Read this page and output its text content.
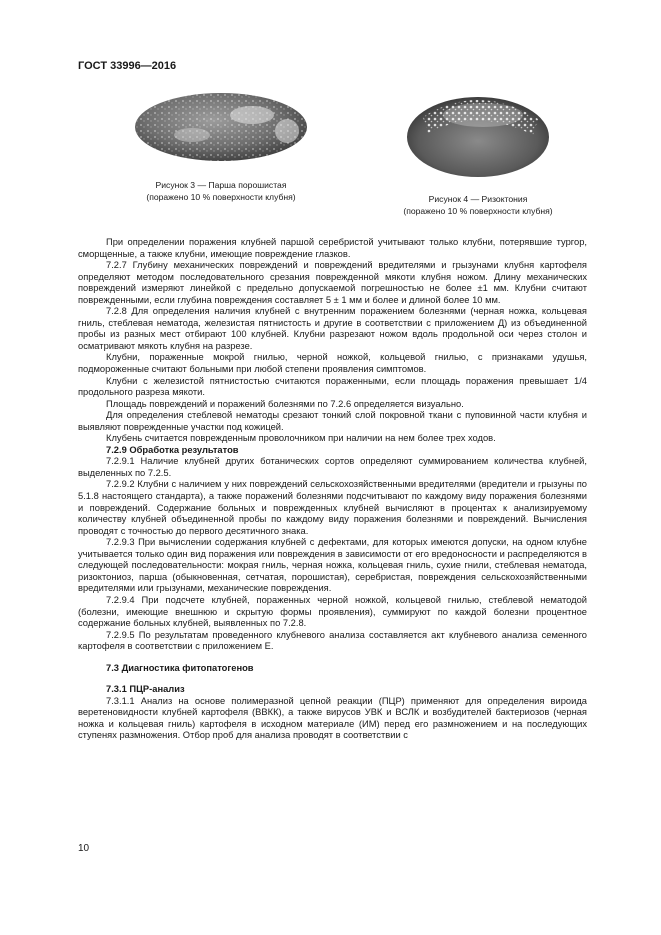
ГОСТ 33996—2016
Рисунок 3 — Парша порошистая
(поражено 10 % поверхности клубня)	Рисунок 4 — Ризоктония
(поражено 10 % поверхности клубня)

При определении поражения клубней паршой серебристой учитывают только клубни, потерявшие тургор, сморщенные, а также клубни, имеющие повреждение глазков.

7.2.7 Глубину механических повреждений и повреждений вредителями и грызунами клубня картофеля определяют методом последовательного срезания поврежденной мякоти клубня ножом. Длину механических повреждений измеряют линейкой с предельно допускаемой погрешностью не более ±1 мм. Клубни считают поврежденными, если глубина повреждения составляет 5 ± 1 мм и более и длиной более 10 мм.

7.2.8 Для определения наличия клубней с внутренним поражением болезнями (черная ножка, кольцевая гниль, стеблевая нематода, железистая пятнистость и другие в соответствии с приложением Д) из объединенной пробы из разных мест отбирают 100 клубней. Клубни разрезают ножом вдоль продольной оси через столон и осматривают мякоть клубня на разрезе.

Клубни, пораженные мокрой гнилью, черной ножкой, кольцевой гнилью, с признаками удушья, подмороженные считают больными при любой степени проявления симптомов.

Клубни с железистой пятнистостью считаются пораженными, если площадь поражения превышает 1/4 продольного разреза мякоти.

Площадь повреждений и поражений болезнями по 7.2.6 определяется визуально.

Для определения стеблевой нематоды срезают тонкий слой покровной ткани с пуповинной части клубня и выявляют поврежденные участки под кожицей.

Клубень считается поврежденным проволочником при наличии на нем более трех ходов.

7.2.9 Обработка результатов

7.2.9.1 Наличие клубней других ботанических сортов определяют суммированием количества клубней, выделенных по 7.2.5.

7.2.9.2 Клубни с наличием у них повреждений сельскохозяйственными вредителями (вредители и грызуны по 5.1.8 настоящего стандарта), а также поражений болезнями подсчитывают по каждому виду поражения болезнями и повреждений. Содержание больных и поврежденных клубней вычисляют в процентах к анализируемому количеству клубней объединенной пробы по каждому виду поражения болезнями и повреждений. Вычисления проводят с точностью до первого десятичного знака.

7.2.9.3 При вычислении содержания клубней с дефектами, для которых имеются допуски, на одном клубне учитывается только один вид поражения или повреждения в зависимости от его вредоносности и распределяются в следующей последовательности: мокрая гниль, черная ножка, кольцевая гниль, сухие гнили, стеблевая нематода, ризоктониоз, парша (обыкновенная, сетчатая, порошистая), серебристая, повреждения сельскохозяйственными вредителями или грызунами, механические повреждения.

7.2.9.4 При подсчете клубней, пораженных черной ножкой, кольцевой гнилью, стеблевой нематодой (болезни, имеющие внешнюю и скрытую формы проявления), суммируют по каждой болезни процентное содержание больных клубней, выявленных по 7.2.8.

7.2.9.5 По результатам проведенного клубневого анализа составляется акт клубневого анализа семенного картофеля в соответствии с приложением Е.

7.3 Диагностика фитопатогенов

7.3.1 ПЦР-анализ

7.3.1.1 Анализ на основе полимеразной цепной реакции (ПЦР) применяют для определения вироида веретеновидности клубней картофеля (ВВКК), а также вирусов УВК и ВСЛК и возбудителей бактериозов (черная ножка и кольцевая гниль) картофеля в исходном материале (ИМ) перед его размножением и на последующих ступенях размножения. Отбор проб для анализа проводят в соответствии с

10
